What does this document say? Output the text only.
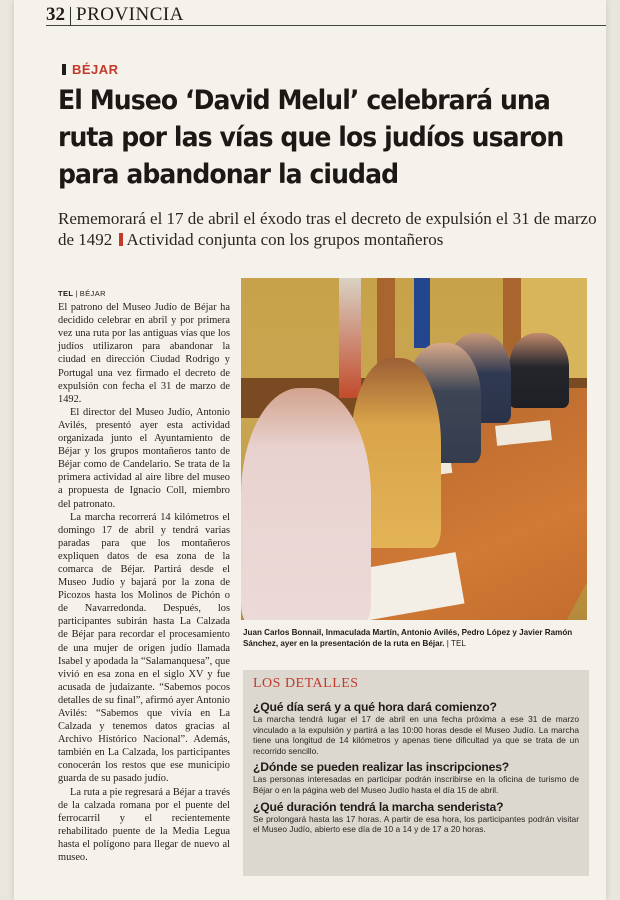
32 PROVINCIA
BÉJAR
El Museo ‘David Melul’ celebrará una ruta por las vías que los judíos usaron para abandonar la ciudad
Rememorará el 17 de abril el éxodo tras el decreto de expulsión el 31 de marzo de 1492 Actividad conjunta con los grupos montañeros
TEL | BÉJAR

El patrono del Museo Judío de Béjar ha decidido celebrar en abril y por primera vez una ruta por las antiguas vías que los judíos utilizaron para abandonar la ciudad en dirección Ciudad Rodrigo y Portugal una vez firmado el decreto de expulsión con fecha el 31 de marzo de 1492.

El director del Museo Judío, Antonio Avilés, presentó ayer esta actividad organizada junto el Ayuntamiento de Béjar y los grupos montañeros tanto de Béjar como de Candelario. Se trata de la primera actividad al aire libre del museo a propuesta de Ignacio Coll, miembro del patronato.

La marcha recorrerá 14 kilómetros el domingo 17 de abril y tendrá varias paradas para que los montañeros expliquen datos de esa zona de la comarca de Béjar. Partirá desde el Museo Judío y bajará por la zona de Picozos hasta los Molinos de Pichón o de Navarredonda. Después, los participantes subirán hasta La Calzada de Béjar para recordar el procesamiento de una mujer de origen judío llamada Isabel y apodada la “Salamanquesa”, que vivió en esa zona en el siglo XV y fue acusada de judaizante. “Sabemos pocos detalles de su final”, afirmó ayer Antonio Avilés: “Sabemos que vivía en La Calzada y tenemos datos gracias al Archivo Histórico Nacional”. Además, también en La Calzada, los participantes conocerán los restos que ese municipio guarda de su pasado judío.

La ruta a pie regresará a Béjar a través de la calzada romana por el puente del ferrocarril y el recientemente rehabilitado puente de la Media Legua hasta el polígono para llegar de nuevo al museo.

Juan Carlos Bonnail, Inmaculada Martín, Antonio Avilés, Pedro López y Javier Ramón Sánchez, ayer en la presentación de la ruta en Béjar. | TEL
LOS DETALLES
¿Qué día será y a qué hora dará comienzo?
La marcha tendrá lugar el 17 de abril en una fecha próxima a ese 31 de marzo vinculado a la expulsión y partirá a las 10:00 horas desde el Museo Judío. La marcha tiene una longitud de 14 kilómetros y apenas tiene dificultad ya que se trata de un recorrido sencillo.
¿Dónde se pueden realizar las inscripciones?
Las personas interesadas en participar podrán inscribirse en la oficina de turismo de Béjar o en la página web del Museo Judío hasta el día 15 de abril.
¿Qué duración tendrá la marcha senderista?
Se prolongará hasta las 17 horas. A partir de esa hora, los participantes podrán visitar el Museo Judío, abierto ese día de 10 a 14 y de 17 a 20 horas.
